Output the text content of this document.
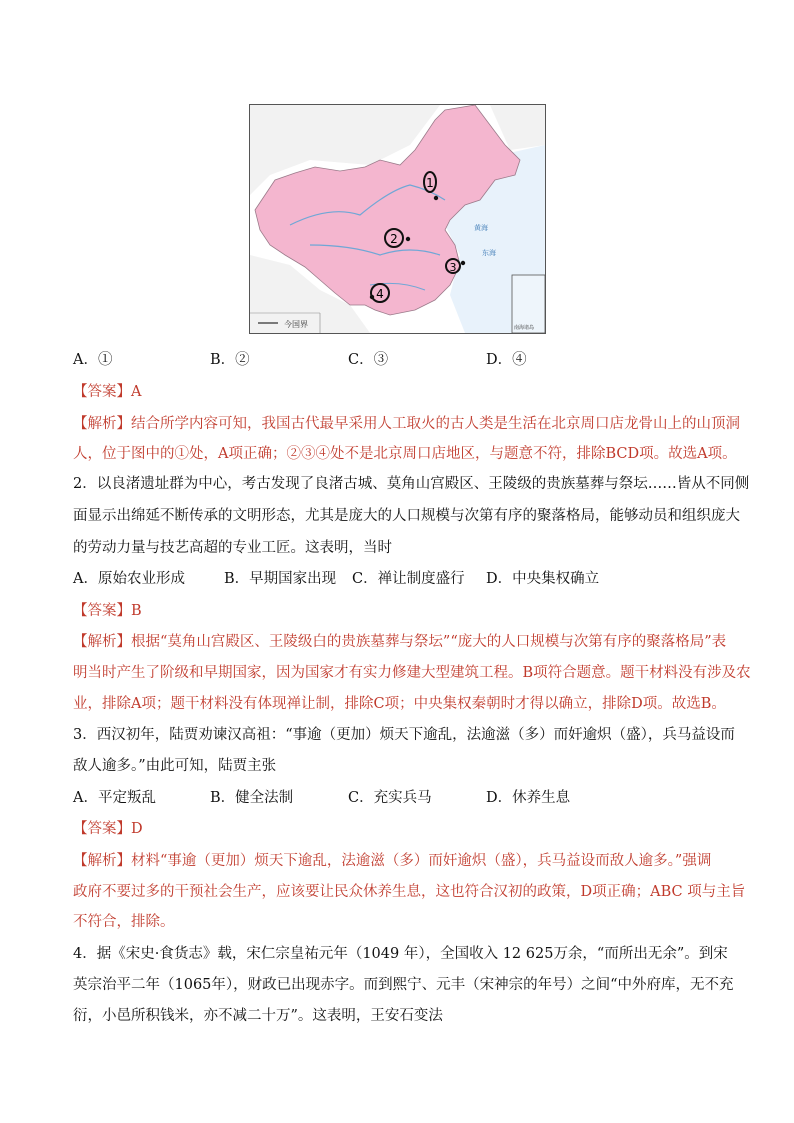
1
2
3
4
黄海
东海
南海诸岛
今国界
A．①	B．②	C．③	D．④
【答案】A
【解析】结合所学内容可知，我国古代最早采用人工取火的古人类是生活在北京周口店龙骨山上的山顶洞
人，位于图中的①处，A项正确；②③④处不是北京周口店地区，与题意不符，排除BCD项。故选A项。
2．以良渚遗址群为中心，考古发现了良渚古城、莫角山宫殿区、王陵级的贵族墓葬与祭坛……皆从不同侧
面显示出绵延不断传承的文明形态，尤其是庞大的人口规模与次第有序的聚落格局，能够动员和组织庞大
的劳动力量与技艺高超的专业工匠。这表明，当时
A．原始农业形成	B．早期国家出现 C．禅让制度盛行 D．中央集权确立
【答案】B
【解析】根据“莫角山宫殿区、王陵级白的贵族墓葬与祭坛”“庞大的人口规模与次第有序的聚落格局”表
明当时产生了阶级和早期国家，因为国家才有实力修建大型建筑工程。B项符合题意。题干材料没有涉及农
业，排除A项；题干材料没有体现禅让制，排除C项；中央集权秦朝时才得以确立，排除D项。故选B。
3．西汉初年，陆贾劝谏汉高祖：“事逾（更加）烦天下逾乱，法逾滋（多）而奸逾炽（盛），兵马益设而
敌人逾多。”由此可知，陆贾主张
A．平定叛乱	B．健全法制	C．充实兵马	D．休养生息
【答案】D
【解析】材料“事逾（更加）烦天下逾乱，法逾滋（多）而奸逾炽（盛），兵马益设而敌人逾多。”强调
政府不要过多的干预社会生产，应该要让民众休养生息，这也符合汉初的政策，D项正确；ABC 项与主旨
不符合，排除。
4．据《宋史·食货志》载，宋仁宗皇祐元年（1049 年），全国收入 12 625万余，“而所出无余”。到宋
英宗治平二年（1065年），财政已出现赤字。而到熙宁、元丰（宋神宗的年号）之间“中外府库，无不充
衍，小邑所积钱米，亦不减二十万”。这表明，王安石变法
